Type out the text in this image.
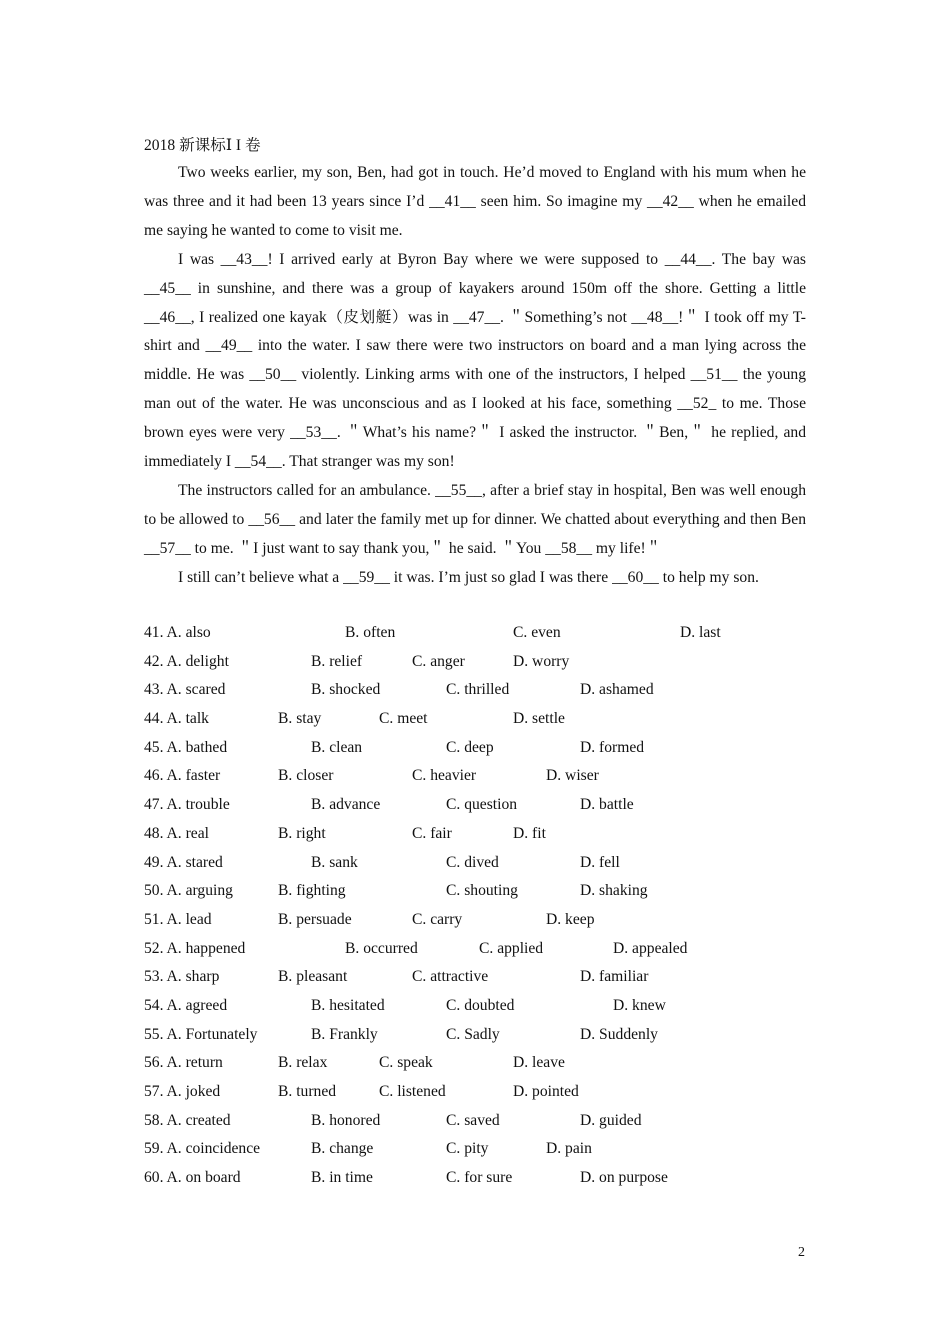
2018 新课标Ⅰ I 卷

Two weeks earlier, my son, Ben, had got in touch. He’d moved to England with his mum when he was three and it had been 13 years since I’d __41__ seen him. So imagine my __42__ when he emailed me saying he wanted to come to visit me.

I was __43__! I arrived early at Byron Bay where we were supposed to __44__. The bay was __45__ in sunshine, and there was a group of kayakers around 150m off the shore. Getting a little __46__, I realized one kayak（皮划艇）was in __47__. ＂Something’s not __48__!＂ I took off my T-shirt and __49__ into the water. I saw there were two instructors on board and a man lying across the middle. He was __50__ violently. Linking arms with one of the instructors, I helped __51__ the young man out of the water. He was unconscious and as I looked at his face, something __52_ to me. Those brown eyes were very __53__. ＂What’s his name?＂ I asked the instructor. ＂Ben,＂ he replied, and immediately I __54__. That stranger was my son!

The instructors called for an ambulance. __55__, after a brief stay in hospital, Ben was well enough to be allowed to __56__ and later the family met up for dinner. We chatted about everything and then Ben __57__ to me. ＂I just want to say thank you,＂ he said. ＂You __58__ my life!＂

I still can’t believe what a __59__ it was. I’m just so glad I was there __60__ to help my son.

41. A. also	B. often	C. even	D. last
42. A. delight	B. relief	C. anger	D. worry
43. A. scared	B. shocked	C. thrilled	D. ashamed
44. A. talk	B. stay	C. meet	D. settle
45. A. bathed	B. clean	C. deep	D. formed
46. A. faster	B. closer	C. heavier	D. wiser
47. A. trouble	B. advance	C. question	D. battle
48. A. real	B. right	C. fair	D. fit
49. A. stared	B. sank	C. dived	D. fell
50. A. arguing	B. fighting	C. shouting	D. shaking
51. A. lead	B. persuade	C. carry	D. keep
52. A. happened	B. occurred	C. applied	D. appealed
53. A. sharp	B. pleasant	C. attractive	D. familiar
54. A. agreed	B. hesitated	C. doubted	D. knew
55. A. Fortunately	B. Frankly	C. Sadly	D. Suddenly
56. A. return	B. relax	C. speak	D. leave
57. A. joked	B. turned	C. listened	D. pointed
58. A. created	B. honored	C. saved	D. guided
59. A. coincidence	B. change	C. pity	D. pain
60. A. on board	B. in time	C. for sure	D. on purpose
2
